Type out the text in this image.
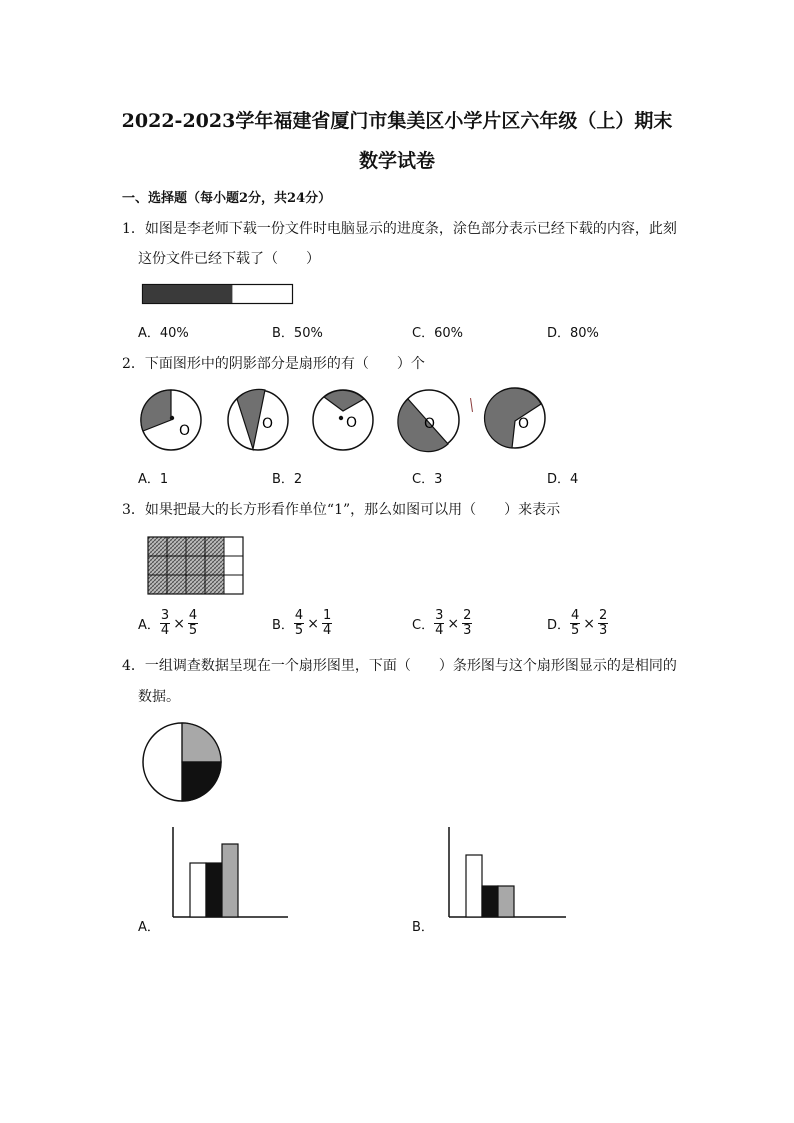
2022-2023学年福建省厦门市集美区小学片区六年级（上）期末
数学试卷
一、选择题（每小题2分，共24分）
1．如图是李老师下载一份文件时电脑显示的进度条，涂色部分表示已经下载的内容，此刻
这份文件已经下载了（　　）
A．40%	B．50%	C．60%	D．80%
2．下面图形中的阴影部分是扇形的有（　　）个
O	O	O	O	O
A．1	B．2	C．3	D．4
3．如果把最大的长方形看作单位“1”，那么如图可以用（　　）来表示
A． $\frac{3}{4} \times \frac{4}{5}$	B． $\frac{4}{5} \times \frac{1}{4}$	C． $\frac{3}{4} \times \frac{2}{3}$	D． $\frac{4}{5} \times \frac{2}{3}$
4．一组调查数据呈现在一个扇形图里，下面（　　）条形图与这个扇形图显示的是相同的
数据。
A．	B．
